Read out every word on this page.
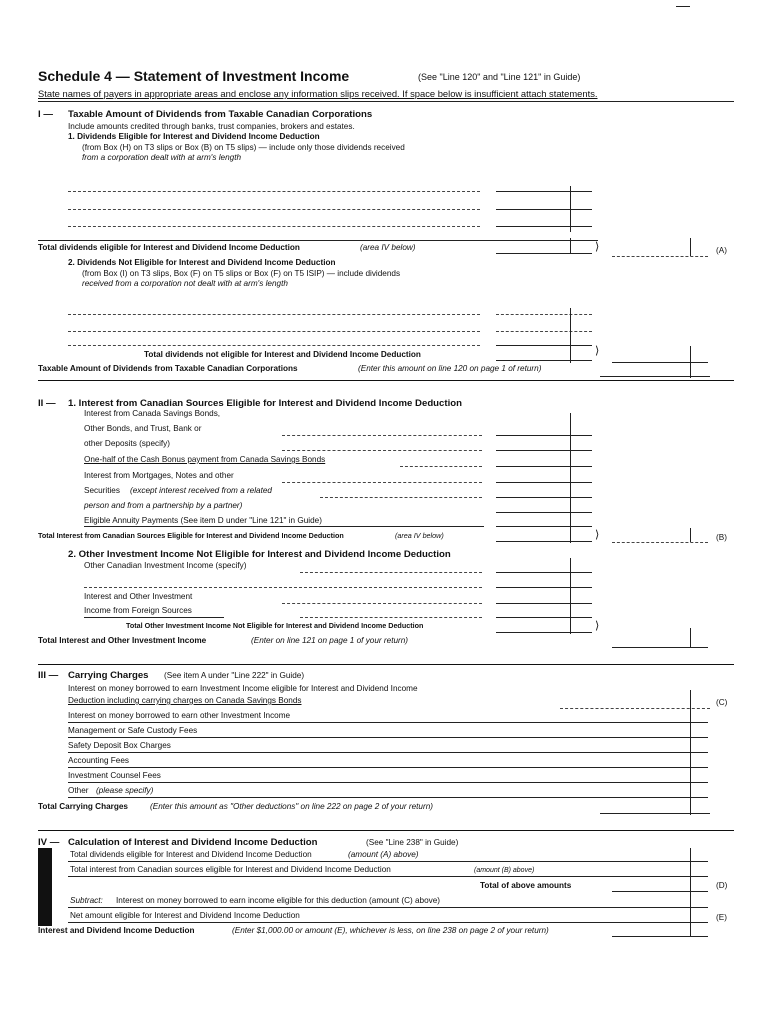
Schedule 4 — Statement of Investment Income	(See "Line 120" and "Line 121" in Guide)
State names of payers in appropriate areas and enclose any information slips received. If space below is insufficient attach statements.
I — Taxable Amount of Dividends from Taxable Canadian Corporations
Include amounts credited through banks, trust companies, brokers and estates.
1. Dividends Eligible for Interest and Dividend Income Deduction
(from Box (H) on T3 slips or Box (B) on T5 slips) — include only those dividends received
from a corporation dealt with at arm's length
Total dividends eligible for Interest and Dividend Income Deduction	(area IV below)	⟩	(A)
2. Dividends Not Eligible for Interest and Dividend Income Deduction
(from Box (I) on T3 slips, Box (F) on T5 slips or Box (F) on T5 ISIP) — include dividends
received from a corporation not dealt with at arm's length
Total dividends not eligible for Interest and Dividend Income Deduction	⟩
Taxable Amount of Dividends from Taxable Canadian Corporations	(Enter this amount on line 120 on page 1 of return)
II — 1. Interest from Canadian Sources Eligible for Interest and Dividend Income Deduction
Interest from Canada Savings Bonds,
Other Bonds, and Trust, Bank or
other Deposits (specify)
One-half of the Cash Bonus payment from Canada Savings Bonds
Interest from Mortgages, Notes and other
Securities (except interest received from a related
person and from a partnership by a partner)
Eligible Annuity Payments (See item D under "Line 121" in Guide)
Total Interest from Canadian Sources Eligible for Interest and Dividend Income Deduction	(area IV below)	⟩	(B)
2. Other Investment Income Not Eligible for Interest and Dividend Income Deduction
Other Canadian Investment Income (specify)
Interest and Other Investment
Income from Foreign Sources
Total Other Investment Income Not Eligible for Interest and Dividend Income Deduction	⟩
Total Interest and Other Investment Income	(Enter on line 121 on page 1 of your return)
III — Carrying Charges (See item A under "Line 222" in Guide)
Interest on money borrowed to earn Investment Income eligible for Interest and Dividend Income
Deduction including carrying charges on Canada Savings Bonds	(C)
Interest on money borrowed to earn other Investment Income
Management or Safe Custody Fees
Safety Deposit Box Charges
Accounting Fees
Investment Counsel Fees
Other (please specify)
Total Carrying Charges	(Enter this amount as "Other deductions" on line 222 on page 2 of your return)
IV — Calculation of Interest and Dividend Income Deduction	(See "Line 238" in Guide)
Total dividends eligible for Interest and Dividend Income Deduction	(amount (A) above)
Total interest from Canadian sources eligible for Interest and Dividend Income Deduction	(amount (B) above)
Total of above amounts	(D)
Subtract: Interest on money borrowed to earn income eligible for this deduction (amount (C) above)
Net amount eligible for Interest and Dividend Income Deduction	(E)
Interest and Dividend Income Deduction	(Enter $1,000.00 or amount (E), whichever is less, on line 238 on page 2 of your return)
